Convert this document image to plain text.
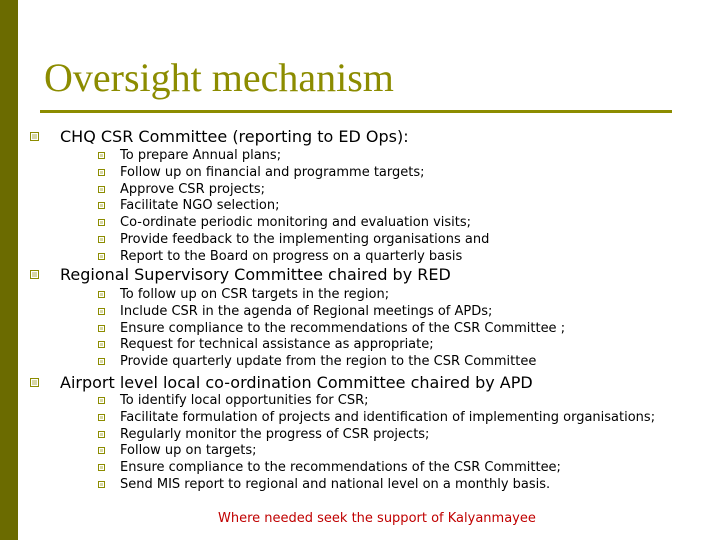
Oversight mechanism
CHQ CSR Committee (reporting to ED Ops):
To prepare Annual plans;
Follow up on financial and programme targets;
Approve CSR projects;
Facilitate NGO selection;
Co-ordinate periodic monitoring and evaluation visits;
Provide feedback to the implementing organisations and
Report to the Board on progress on a quarterly basis
Regional Supervisory Committee chaired by RED
To follow up on CSR targets in the region;
Include CSR in the agenda of Regional meetings of APDs;
Ensure compliance to the recommendations of the CSR Committee ;
Request for technical assistance as appropriate;
Provide quarterly update from the region to the CSR Committee
Airport level local co-ordination Committee chaired by APD
To identify local opportunities for CSR;
Facilitate formulation of projects and identification of implementing organisations;
Regularly monitor the progress of CSR projects;
Follow up on targets;
Ensure compliance to the recommendations of the CSR Committee;
Send MIS report to regional and national level on a monthly basis.
Where needed seek the support of Kalyanmayee
